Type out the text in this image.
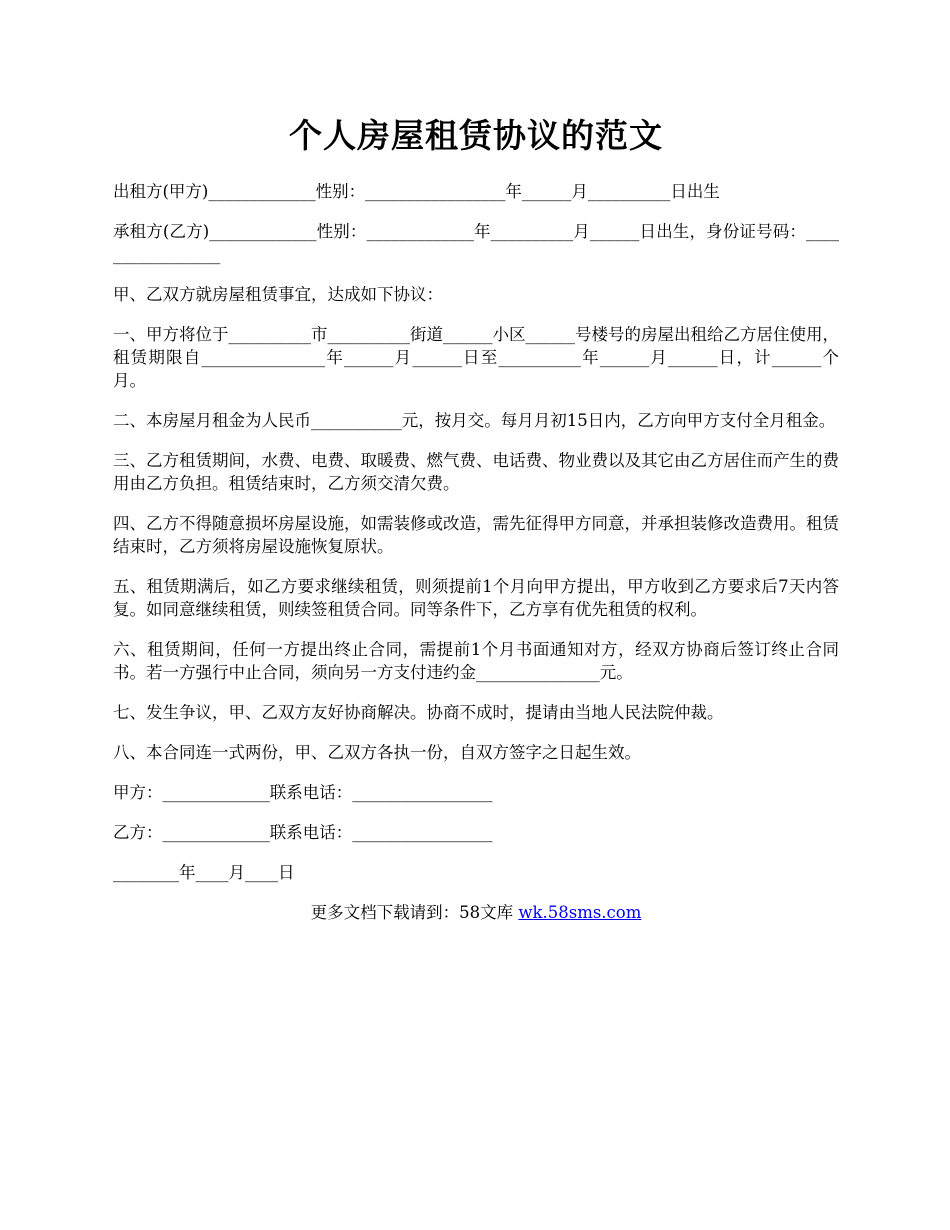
个人房屋租赁协议的范文

出租方(甲方)_____________性别：_________________年______月__________日出生

承租方(乙方)_____________性别：_____________年__________月______日出生，身份证号码：_________________

甲、乙双方就房屋租赁事宜，达成如下协议：

一、甲方将位于__________市__________街道______小区______号楼号的房屋出租给乙方居住使用，租赁期限自_______________年______月______日至__________年______月______日，计______个月。

二、本房屋月租金为人民币___________元，按月交。每月月初15日内，乙方向甲方支付全月租金。

三、乙方租赁期间，水费、电费、取暖费、燃气费、电话费、物业费以及其它由乙方居住而产生的费用由乙方负担。租赁结束时，乙方须交清欠费。

四、乙方不得随意损坏房屋设施，如需装修或改造，需先征得甲方同意，并承担装修改造费用。租赁结束时，乙方须将房屋设施恢复原状。

五、租赁期满后，如乙方要求继续租赁，则须提前1个月向甲方提出，甲方收到乙方要求后7天内答复。如同意继续租赁，则续签租赁合同。同等条件下，乙方享有优先租赁的权利。

六、租赁期间，任何一方提出终止合同，需提前1个月书面通知对方，经双方协商后签订终止合同书。若一方强行中止合同，须向另一方支付违约金_______________元。

七、发生争议，甲、乙双方友好协商解决。协商不成时，提请由当地人民法院仲裁。

八、本合同连一式两份，甲、乙双方各执一份，自双方签字之日起生效。

甲方：_____________联系电话：_________________

乙方：_____________联系电话：_________________

________年____月____日

更多文档下载请到：58文库 wk.58sms.com
